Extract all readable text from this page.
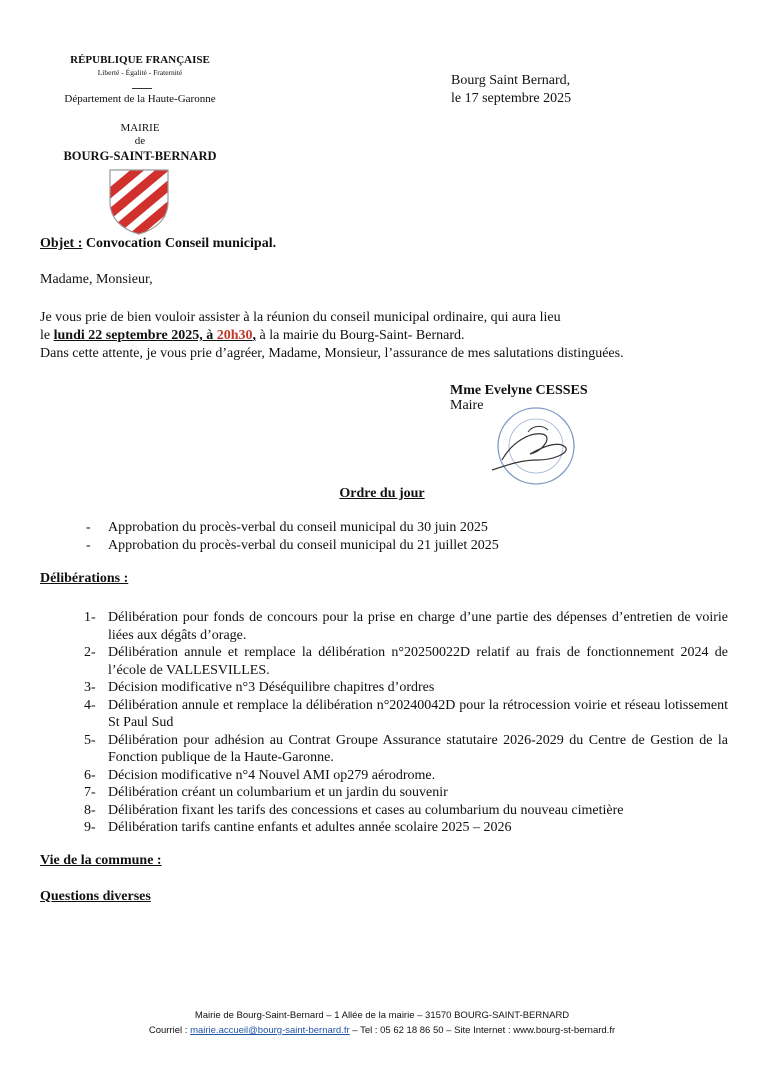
RÉPUBLIQUE FRANÇAISE
Liberté - Égalité - Fraternité
Département de la Haute-Garonne
MAIRIE
de
BOURG-SAINT-BERNARD
Bourg Saint Bernard,
le 17 septembre 2025
Objet : Convocation Conseil municipal.
Madame, Monsieur,
Je vous prie de bien vouloir assister à la réunion du conseil municipal ordinaire, qui aura lieu
le lundi 22 septembre 2025, à 20h30, à la mairie du Bourg-Saint- Bernard.
Dans cette attente, je vous prie d’agréer, Madame, Monsieur, l’assurance de mes salutations distinguées.
Mme Evelyne CESSES
Maire
Ordre du jour
- Approbation du procès-verbal du conseil municipal du 30 juin 2025
- Approbation du procès-verbal du conseil municipal du 21 juillet 2025
Délibérations :
1- Délibération pour fonds de concours pour la prise en charge d’une partie des dépenses d’entretien de voirie liées aux dégâts d’orage.
2- Délibération annule et remplace la délibération n°20250022D relatif au frais de fonctionnement 2024 de l’école de VALLESVILLES.
3- Décision modificative n°3 Déséquilibre chapitres d’ordres
4- Délibération annule et remplace la délibération n°20240042D pour la rétrocession voirie et réseau lotissement St Paul Sud
5- Délibération pour adhésion au Contrat Groupe Assurance statutaire 2026-2029 du Centre de Gestion de la Fonction publique de la Haute-Garonne.
6- Décision modificative n°4 Nouvel AMI op279 aérodrome.
7- Délibération créant un columbarium et un jardin du souvenir
8- Délibération fixant les tarifs des concessions et cases au columbarium du nouveau cimetière
9- Délibération tarifs cantine enfants et adultes année scolaire 2025 – 2026
Vie de la commune :
Questions diverses
Mairie de Bourg-Saint-Bernard – 1 Allée de la mairie – 31570 BOURG-SAINT-BERNARD
Courriel : mairie.accueil@bourg-saint-bernard.fr – Tel : 05 62 18 86 50 – Site Internet : www.bourg-st-bernard.fr
